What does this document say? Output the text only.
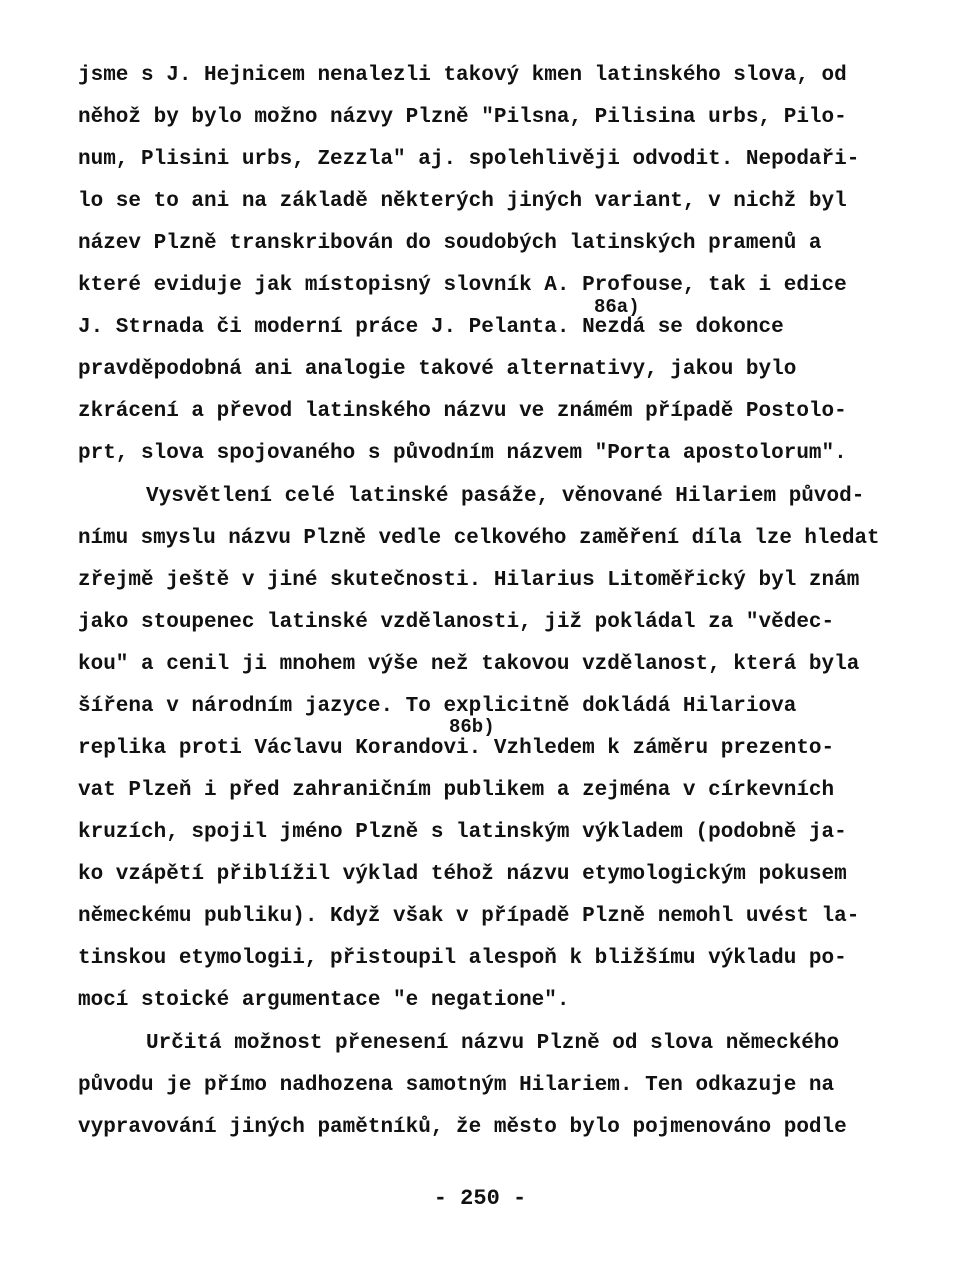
jsme s J. Hejnicem nenalezli takový kmen latinského slova, od
něhož by bylo možno názvy Plzně "Pilsna, Pilisina urbs, Pilo-
num, Plisini urbs, Zezzla" aj. spolehlivěji odvodit. Nepodaři-
lo se to ani na základě některých jiných variant, v nichž byl
název Plzně transkribován do soudobých latinských pramenů a
které eviduje jak místopisný slovník A. Profouse, tak i edice
86a)
J. Strnada či moderní práce J. Pelanta. Nezdá se dokonce
pravděpodobná ani analogie takové alternativy, jakou bylo
zkrácení a převod latinského názvu ve známém případě Postolo-
prt, slova spojovaného s původním názvem "Porta apostolorum".
Vysvětlení celé latinské pasáže, věnované Hilariem původ-
nímu smyslu názvu Plzně vedle celkového zaměření díla lze hledat
zřejmě ještě v jiné skutečnosti. Hilarius Litoměřický byl znám
jako stoupenec latinské vzdělanosti, již pokládal za "vědec-
kou" a cenil ji mnohem výše než takovou vzdělanost, která byla
šířena v národním jazyce. To explicitně dokládá Hilariova
86b)
replika proti Václavu Korandovi. Vzhledem k záměru prezento-
vat Plzeň i před zahraničním publikem a zejména v církevních
kruzích, spojil jméno Plzně s latinským výkladem (podobně ja-
ko vzápětí přiblížil výklad téhož názvu etymologickým pokusem
německému publiku). Když však v případě Plzně nemohl uvést la-
tinskou etymologii, přistoupil alespoň k bližšímu výkladu po-
mocí stoické argumentace "e negatione".
Určitá možnost přenesení názvu Plzně od slova německého
původu je přímo nadhozena samotným Hilariem. Ten odkazuje na
vypravování jiných pamětníků, že město bylo pojmenováno podle
- 250 -
